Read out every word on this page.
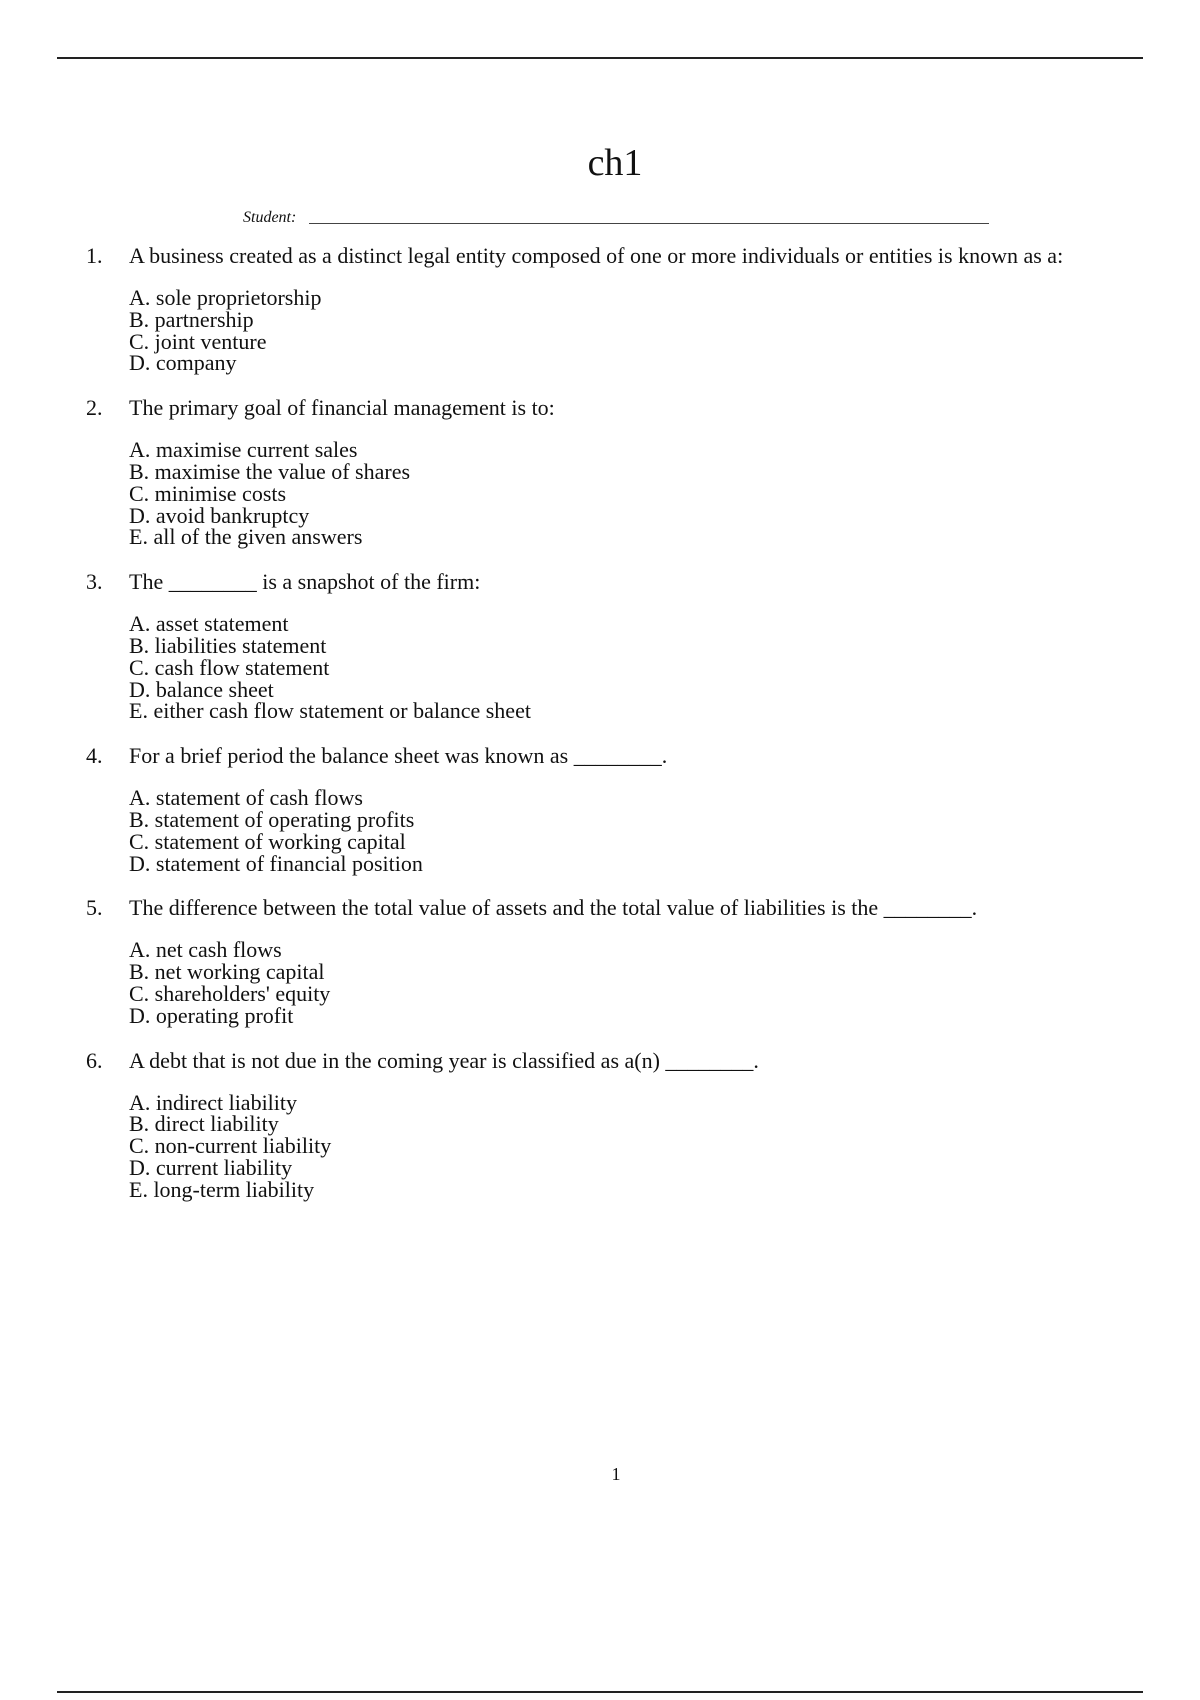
ch1
Student:
1. A business created as a distinct legal entity composed of one or more individuals or entities is known as a:

A. sole proprietorship
B. partnership
C. joint venture
D. company
2. The primary goal of financial management is to:

A. maximise current sales
B. maximise the value of shares
C. minimise costs
D. avoid bankruptcy
E. all of the given answers
3. The ________ is a snapshot of the firm:

A. asset statement
B. liabilities statement
C. cash flow statement
D. balance sheet
E. either cash flow statement or balance sheet
4. For a brief period the balance sheet was known as ________.

A. statement of cash flows
B. statement of operating profits
C. statement of working capital
D. statement of financial position
5. The difference between the total value of assets and the total value of liabilities is the ________.

A. net cash flows
B. net working capital
C. shareholders' equity
D. operating profit
6. A debt that is not due in the coming year is classified as a(n) ________.

A. indirect liability
B. direct liability
C. non-current liability
D. current liability
E. long-term liability
1
